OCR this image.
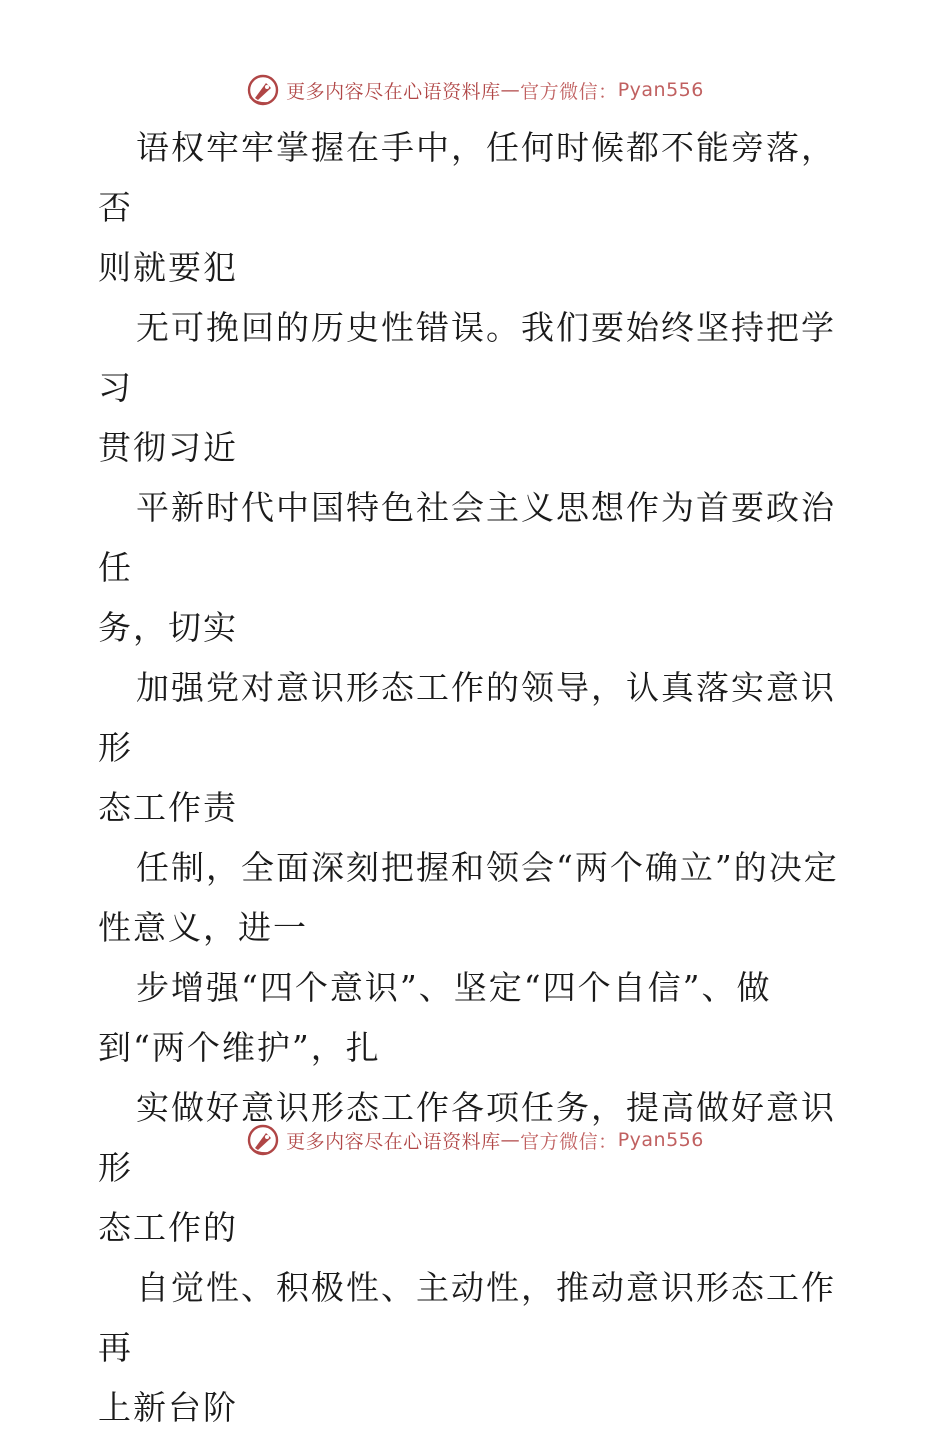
更多内容尽在心语资料库 — 官方微信： Pyan556

语权牢牢掌握在手中，任何时候都不能旁落，否
则就要犯

无可挽回的历史性错误。我们要始终坚持把学习
贯彻习近

平新时代中国特色社会主义思想作为首要政治任
务，切实

加强党对意识形态工作的领导，认真落实意识形
态工作责

任制，全面深刻把握和领会“两个确立”的决定
性意义，进一

步增强“四个意识”、坚定“四个自信”、做
到“两个维护”，扎

实做好意识形态工作各项任务，提高做好意识形
态工作的

自觉性、积极性、主动性，推动意识形态工作再
上新台阶

更多内容尽在心语资料库 — 官方微信： Pyan556
